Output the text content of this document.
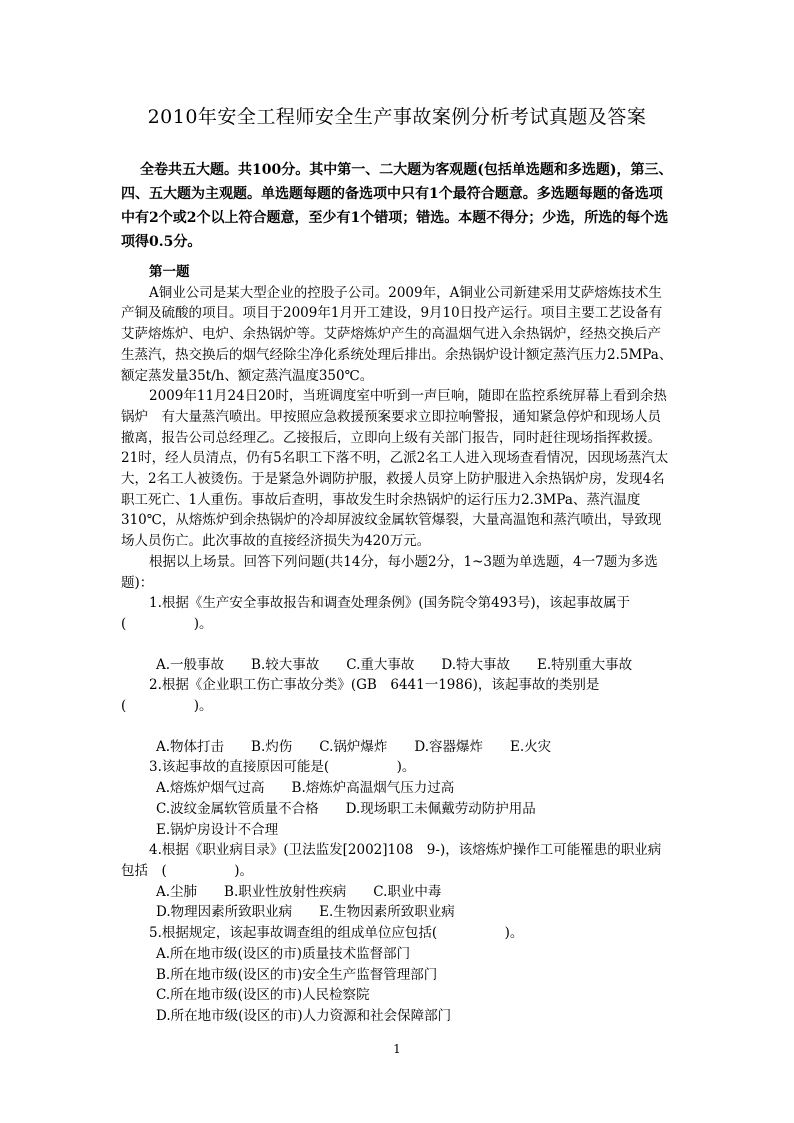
2010年安全工程师安全生产事故案例分析考试真题及答案
全卷共五大题。共100分。其中第一、二大题为客观题(包括单选题和多选题)，第三、四、五大题为主观题。单选题每题的备选项中只有1个最符合题意。多选题每题的备选项中有2个或2个以上符合题意，至少有1个错项；错选。本题不得分；少选，所选的每个选项得0.5分。

第一题

A铜业公司是某大型企业的控股子公司。2009年，A铜业公司新建采用艾萨熔炼技术生产铜及硫酸的项目。项目于2009年1月开工建设，9月10日投产运行。项目主要工艺设备有艾萨熔炼炉、电炉、余热锅炉等。艾萨熔炼炉产生的高温烟气进入余热锅炉，经热交换后产生蒸汽，热交换后的烟气经除尘净化系统处理后排出。余热锅炉设计额定蒸汽压力2.5MPa、额定蒸发量35t/h、额定蒸汽温度350℃。

2009年11月24日20时，当班调度室中听到一声巨响，随即在监控系统屏幕上看到余热锅炉　有大量蒸汽喷出。甲按照应急救援预案要求立即拉响警报，通知紧急停炉和现场人员撤离，报告公司总经理乙。乙接报后，立即向上级有关部门报告，同时赶往现场指挥救援。21时，经人员清点，仍有5名职工下落不明，乙派2名工人进入现场查看情况，因现场蒸汽太大，2名工人被烫伤。于是紧急外调防护服，救援人员穿上防护服进入余热锅炉房，发现4名职工死亡、1人重伤。事故后查明，事故发生时余热锅炉的运行压力2.3MPa、蒸汽温度310℃，从熔炼炉到余热锅炉的冷却屏波纹金属软管爆裂，大量高温饱和蒸汽喷出，导致现场人员伤亡。此次事故的直接经济损失为420万元。

根据以上场景。回答下列问题(共14分，每小题2分，1~3题为单选题，4一7题为多选题)：

1.根据《生产安全事故报告和调查处理条例》(国务院令第493号)，该起事故属于(　　　　　)。

A.一般事故　　B.较大事故　　C.重大事故　　D.特大事故　　E.特别重大事故

2.根据《企业职工伤亡事故分类》(GB　6441一1986)，该起事故的类别是(　　　　　)。

A.物体打击　　B.灼伤　　C.锅炉爆炸　　D.容器爆炸　　E.火灾

3.该起事故的直接原因可能是(　　　　　)。

A.熔炼炉烟气过高　　B.熔炼炉高温烟气压力过高

C.波纹金属软管质量不合格　　D.现场职工未佩戴劳动防护用品

E.锅炉房设计不合理

4.根据《职业病目录》(卫法监发[2002]108　9-)，该熔炼炉操作工可能罹患的职业病包括　(　　　　　)。

A.尘肺　　B.职业性放射性疾病　　C.职业中毒

D.物理因素所致职业病　　E.生物因素所致职业病

5.根据规定，该起事故调查组的组成单位应包括(　　　　　)。

A.所在地市级(设区的市)质量技术监督部门

B.所在地市级(设区的市)安全生产监督管理部门

C.所在地市级(设区的市)人民检察院

D.所在地市级(设区的市)人力资源和社会保障部门

1
